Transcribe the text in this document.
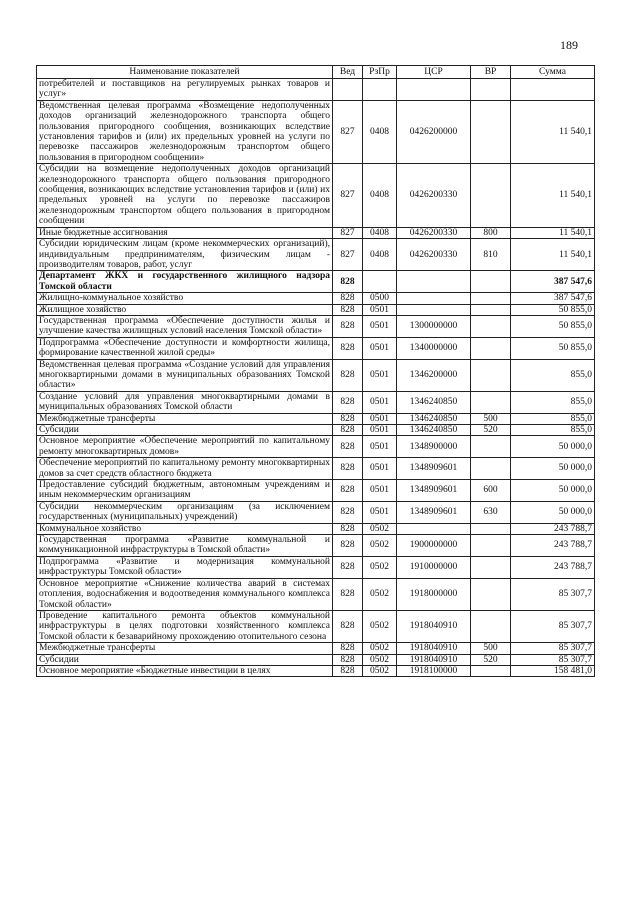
189
Наименование показателей	Вед	РзПр	ЦСР	ВР	Сумма
потребителей и поставщиков на регулируемых рынках товаров и услуг»					
Ведомственная целевая программа «Возмещение недополученных доходов организаций железнодорожного транспорта общего пользования пригородного сообщения, возникающих вследствие установления тарифов и (или) их предельных уровней на услуги по перевозке пассажиров железнодорожным транспортом общего пользования в пригородном сообщении»	827	0408	0426200000		11 540,1
Субсидии на возмещение недополученных доходов организаций железнодорожного транспорта общего пользования пригородного сообщения, возникающих вследствие установления тарифов и (или) их предельных уровней на услуги по перевозке пассажиров железнодорожным транспортом общего пользования в пригородном сообщении	827	0408	0426200330		11 540,1
Иные бюджетные ассигнования	827	0408	0426200330	800	11 540,1
Субсидии юридическим лицам (кроме некоммерческих организаций), индивидуальным предпринимателям, физическим лицам - производителям товаров, работ, услуг	827	0408	0426200330	810	11 540,1
Департамент ЖКХ и государственного жилищного надзора Томской области	828				387 547,6
Жилищно-коммунальное хозяйство	828	0500			387 547,6
Жилищное хозяйство	828	0501			50 855,0
Государственная программа «Обеспечение доступности жилья и улучшение качества жилищных условий населения Томской области»	828	0501	1300000000		50 855,0
Подпрограмма «Обеспечение доступности и комфортности жилища, формирование качественной жилой среды»	828	0501	1340000000		50 855,0
Ведомственная целевая программа «Создание условий для управления многоквартирными домами в муниципальных образованиях Томской области»	828	0501	1346200000		855,0
Создание условий для управления многоквартирными домами в муниципальных образованиях Томской области	828	0501	1346240850		855,0
Межбюджетные трансферты	828	0501	1346240850	500	855,0
Субсидии	828	0501	1346240850	520	855,0
Основное мероприятие «Обеспечение мероприятий по капитальному ремонту многоквартирных домов»	828	0501	1348900000		50 000,0
Обеспечение мероприятий по капитальному ремонту многоквартирных домов за счет средств областного бюджета	828	0501	1348909601		50 000,0
Предоставление субсидий бюджетным, автономным учреждениям и иным некоммерческим организациям	828	0501	1348909601	600	50 000,0
Субсидии некоммерческим организациям (за исключением государственных (муниципальных) учреждений)	828	0501	1348909601	630	50 000,0
Коммунальное хозяйство	828	0502			243 788,7
Государственная программа «Развитие коммунальной и коммуникационной инфраструктуры в Томской области»	828	0502	1900000000		243 788,7
Подпрограмма «Развитие и модернизация коммунальной инфраструктуры Томской области»	828	0502	1910000000		243 788,7
Основное мероприятие «Снижение количества аварий в системах отопления, водоснабжения и водоотведения коммунального комплекса Томской области»	828	0502	1918000000		85 307,7
Проведение капитального ремонта объектов коммунальной инфраструктуры в целях подготовки хозяйственного комплекса Томской области к безаварийному прохождению отопительного сезона	828	0502	1918040910		85 307,7
Межбюджетные трансферты	828	0502	1918040910	500	85 307,7
Субсидии	828	0502	1918040910	520	85 307,7
Основное мероприятие «Бюджетные инвестиции в целях	828	0502	1918100000		158 481,0
